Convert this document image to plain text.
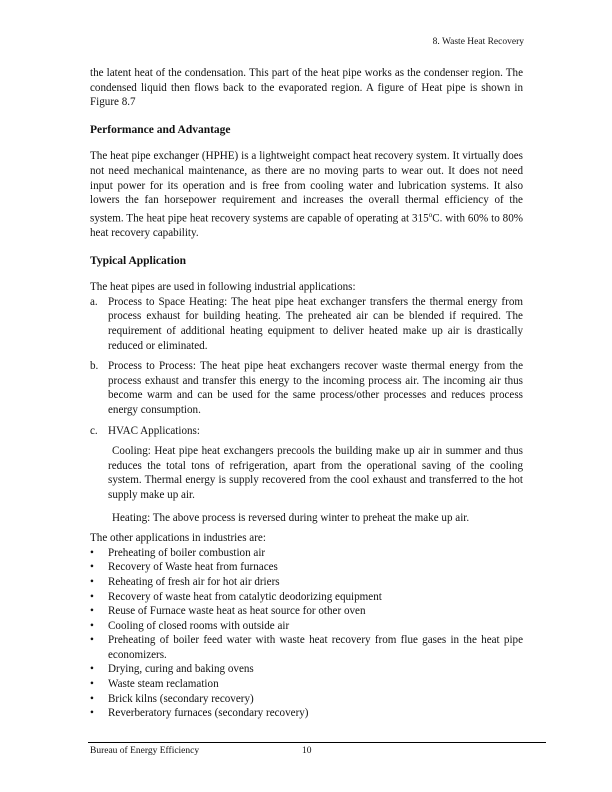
8. Waste Heat Recovery

the latent heat of the condensation. This part of the heat pipe works as the condenser region. The condensed liquid then flows back to the evaporated region. A figure of Heat pipe is shown in Figure 8.7

Performance and Advantage

The heat pipe exchanger (HPHE) is a lightweight compact heat recovery system. It virtually does not need mechanical maintenance, as there are no moving parts to wear out. It does not need input power for its operation and is free from cooling water and lubrication systems. It also lowers the fan horsepower requirement and increases the overall thermal efficiency of the system. The heat pipe heat recovery systems are capable of operating at 315$^o$C. with 60% to 80% heat recovery capability.

Typical Application

The heat pipes are used in following industrial applications:

a. Process to Space Heating: The heat pipe heat exchanger transfers the thermal energy from process exhaust for building heating. The preheated air can be blended if required. The requirement of additional heating equipment to deliver heated make up air is drastically reduced or eliminated.
b. Process to Process: The heat pipe heat exchangers recover waste thermal energy from the process exhaust and transfer this energy to the incoming process air. The incoming air thus become warm and can be used for the same process/other processes and reduces process energy consumption.
c. HVAC Applications:

Cooling: Heat pipe heat exchangers precools the building make up air in summer and thus reduces the total tons of refrigeration, apart from the operational saving of the cooling system. Thermal energy is supply recovered from the cool exhaust and transferred to the hot supply make up air.

Heating: The above process is reversed during winter to preheat the make up air.

The other applications in industries are:

• Preheating of boiler combustion air
• Recovery of Waste heat from furnaces
• Reheating of fresh air for hot air driers
• Recovery of waste heat from catalytic deodorizing equipment
• Reuse of Furnace waste heat as heat source for other oven
• Cooling of closed rooms with outside air
• Preheating of boiler feed water with waste heat recovery from flue gases in the heat pipe economizers.
• Drying, curing and baking ovens
• Waste steam reclamation
• Brick kilns (secondary recovery)
• Reverberatory furnaces (secondary recovery)
Bureau of Energy Efficiency	10
